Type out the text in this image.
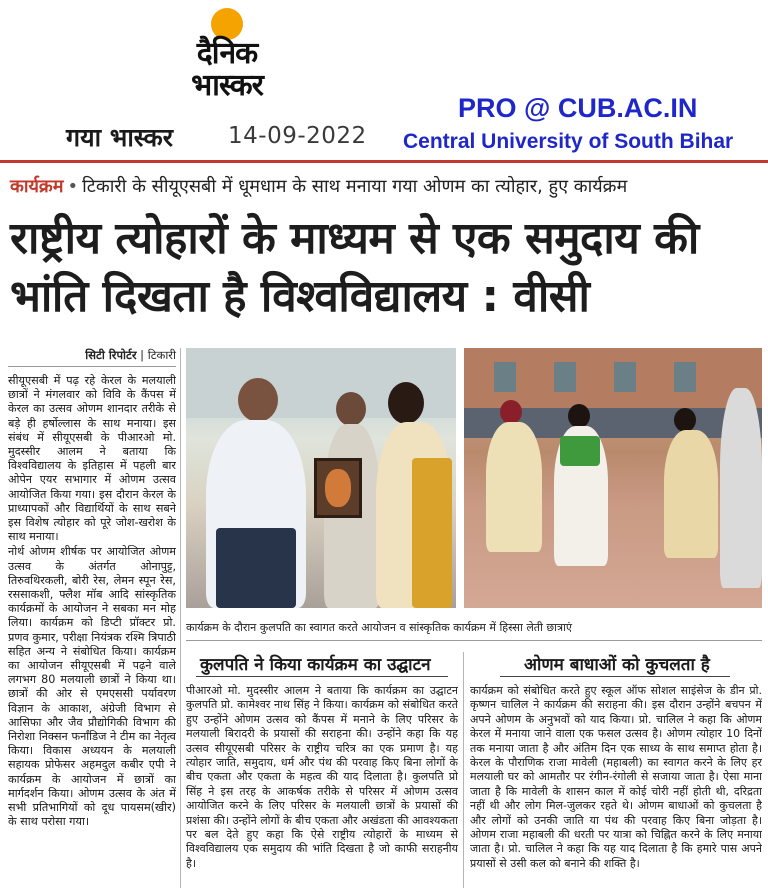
दैनिक
भास्कर
गया भास्कर 14-09-2022
PRO @ CUB.AC.IN
Central University of South Bihar
कार्यक्रम • टिकारी के सीयूएसबी में धूमधाम के साथ मनाया गया ओणम का त्योहार, हुए कार्यक्रम
राष्ट्रीय त्योहारों के माध्यम से एक समुदाय की भांति दिखता है विश्वविद्यालय : वीसी
सिटी रिपोर्टर | टिकारी

सीयूएसबी में पढ़ रहे केरल के मलयाली छात्रों ने मंगलवार को विवि के कैंपस में केरल का उत्सव ओणम शानदार तरीके से बड़े ही हर्षोल्लास के साथ मनाया। इस संबंध में सीयूएसबी के पीआरओ मो. मुदस्सीर आलम ने बताया कि विश्वविद्यालय के इतिहास में पहली बार ओपेन एयर सभागार में ओणम उत्सव आयोजित किया गया। इस दौरान केरल के प्राध्यापकों और विद्यार्थियों के साथ सबने इस विशेष त्योहार को पूरे जोश-खरोश के साथ मनाया।

नोर्थ ओणम शीर्षक पर आयोजित ओणम उत्सव के अंतर्गत ओनापुट्ट, तिरुवथिरकली, बोरी रेस, लेमन स्पून रेस, रससाकशी, फ्लैश मॉब आदि सांस्कृतिक कार्यक्रमों के आयोजन ने सबका मन मोह लिया। कार्यक्रम को डिप्टी प्रॉक्टर प्रो. प्रणव कुमार, परीक्षा नियंत्रक रश्मि त्रिपाठी सहित अन्य ने संबोधित किया। कार्यक्रम का आयोजन सीयूएसबी में पढ़ने वाले लगभग 80 मलयाली छात्रों ने किया था। छात्रों की ओर से एमएससी पर्यावरण विज्ञान के आकाश, अंग्रेजी विभाग से आसिफा और जैव प्रौद्योगिकी विभाग की निरोशा निक्सन फर्नांडिज ने टीम का नेतृत्व किया। विकास अध्ययन के मलयाली सहायक प्रोफेसर अहमदुल कबीर एपी ने कार्यक्रम के आयोजन में छात्रों का मार्गदर्शन किया। ओणम उत्सव के अंत में सभी प्रतिभागियों को दूध पायसम(खीर) के साथ परोसा गया।

कार्यक्रम के दौरान कुलपति का स्वागत करते आयोजन व सांस्कृतिक कार्यक्रम में हिस्सा लेती छात्राएं
कुलपति ने किया कार्यक्रम का उद्घाटन
पीआरओ मो. मुदस्सीर आलम ने बताया कि कार्यक्रम का उद्घाटन कुलपति प्रो. कामेश्वर नाथ सिंह ने किया। कार्यक्रम को संबोधित करते हुए उन्होंने ओणम उत्सव को कैंपस में मनाने के लिए परिसर के मलयाली बिरादरी के प्रयासों की सराहना की। उन्होंने कहा कि यह उत्सव सीयूएसबी परिसर के राष्ट्रीय चरित्र का एक प्रमाण है। यह त्योहार जाति, समुदाय, धर्म और पंथ की परवाह किए बिना लोगों के बीच एकता और एकता के महत्व की याद दिलाता है। कुलपति प्रो सिंह ने इस तरह के आकर्षक तरीके से परिसर में ओणम उत्सव आयोजित करने के लिए परिसर के मलयाली छात्रों के प्रयासों की प्रशंसा की। उन्होंने लोगों के बीच एकता और अखंडता की आवश्यकता पर बल देते हुए कहा कि ऐसे राष्ट्रीय त्योहारों के माध्यम से विश्वविद्यालय एक समुदाय की भांति दिखता है जो काफी सराहनीय है।
ओणम बाधाओं को कुचलता है
कार्यक्रम को संबोधित करते हुए स्कूल ऑफ सोशल साइंसेज के डीन प्रो. कृष्णन चालिल ने कार्यक्रम की सराहना की। इस दौरान उन्होंने बचपन में अपने ओणम के अनुभवों को याद किया। प्रो. चालिल ने कहा कि ओणम केरल में मनाया जाने वाला एक फसल उत्सव है। ओणम त्योहार 10 दिनों तक मनाया जाता है और अंतिम दिन एक साध्य के साथ समाप्त होता है। केरल के पौराणिक राजा मावेली (महाबली) का स्वागत करने के लिए हर मलयाली घर को आमतौर पर रंगीन-रंगोली से सजाया जाता है। ऐसा माना जाता है कि मावेली के शासन काल में कोई चोरी नहीं होती थी, दरिद्रता नहीं थी और लोग मिल-जुलकर रहते थे। ओणम बाधाओं को कुचलता है और लोगों को उनकी जाति या पंथ की परवाह किए बिना जोड़ता है। ओणम राजा महाबली की धरती पर यात्रा को चिह्नित करने के लिए मनाया जाता है। प्रो. चालिल ने कहा कि यह याद दिलाता है कि हमारे पास अपने प्रयासों से उसी कल को बनाने की शक्ति है।
